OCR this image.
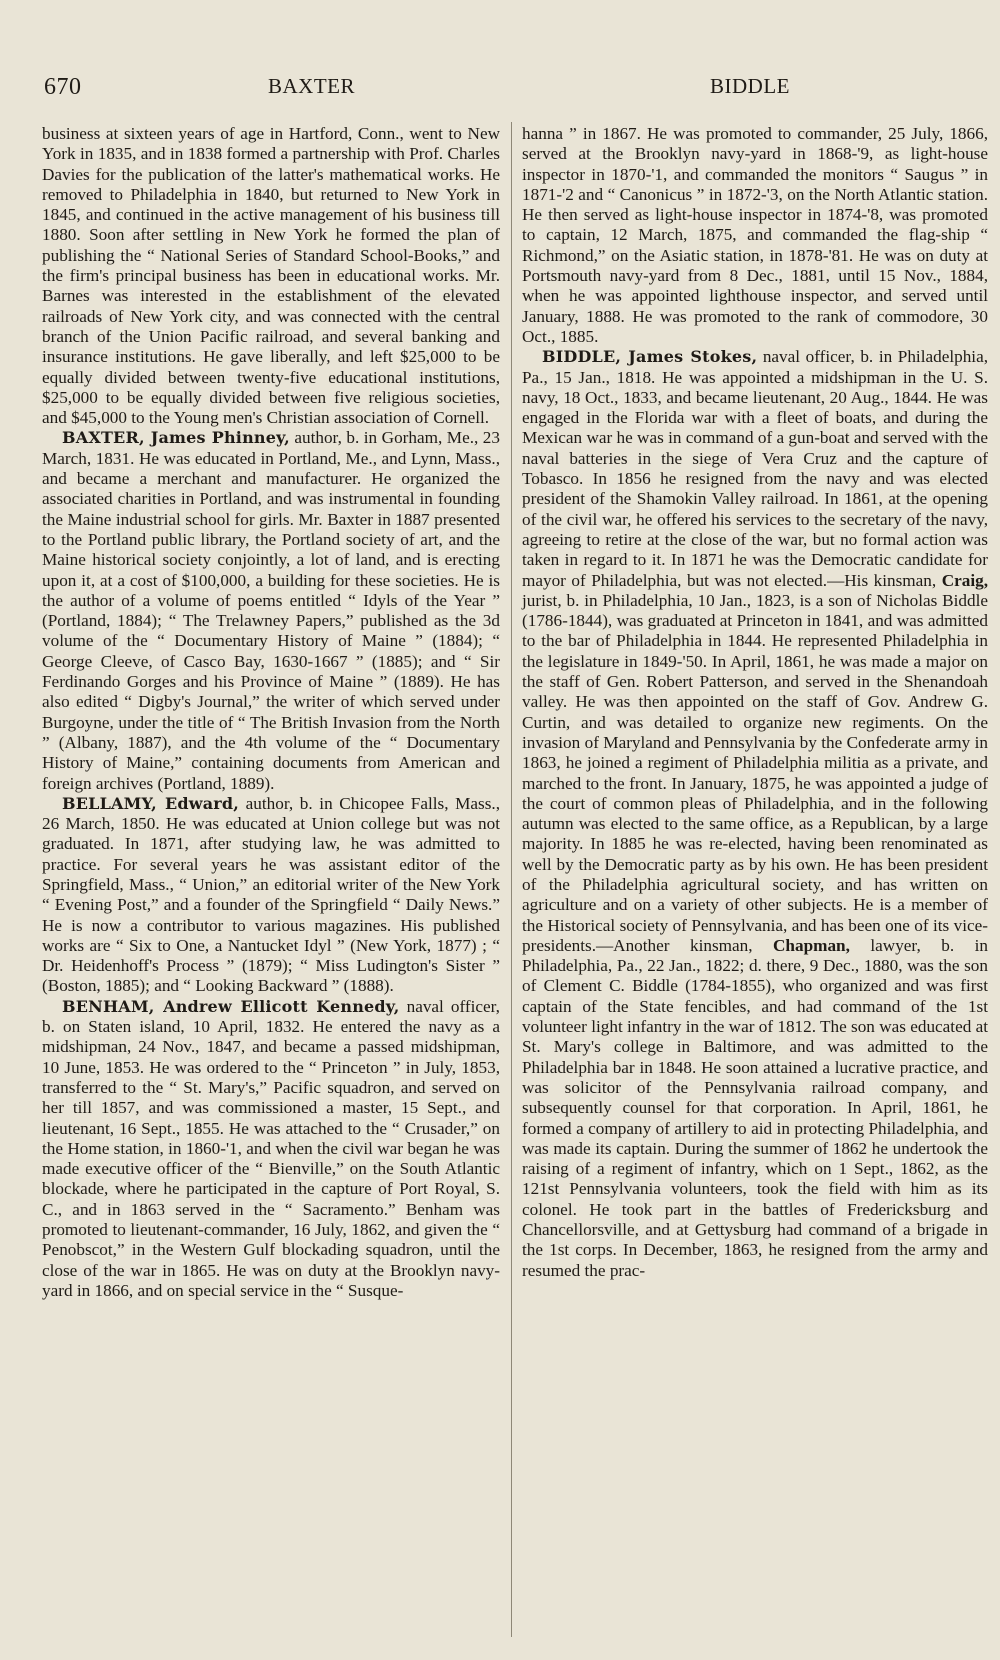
670	BAXTER	BIDDLE

business at sixteen years of age in Hartford, Conn., went to New York in 1835, and in 1838 formed a partnership with Prof. Charles Davies for the publication of the latter's mathematical works. He removed to Philadelphia in 1840, but returned to New York in 1845, and continued in the active management of his business till 1880. Soon after settling in New York he formed the plan of publishing the “ National Series of Standard School-Books,” and the firm's principal business has been in educational works. Mr. Barnes was interested in the establishment of the elevated railroads of New York city, and was connected with the central branch of the Union Pacific railroad, and several banking and insurance institutions. He gave liberally, and left $25,000 to be equally divided between twenty-five educational institutions, $25,000 to be equally divided between five religious societies, and $45,000 to the Young men's Christian association of Cornell.

BAXTER, James Phinney, author, b. in Gorham, Me., 23 March, 1831. He was educated in Portland, Me., and Lynn, Mass., and became a merchant and manufacturer. He organized the associated charities in Portland, and was instrumental in founding the Maine industrial school for girls. Mr. Baxter in 1887 presented to the Portland public library, the Portland society of art, and the Maine historical society conjointly, a lot of land, and is erecting upon it, at a cost of $100,000, a building for these societies. He is the author of a volume of poems entitled “ Idyls of the Year ” (Portland, 1884); “ The Trelawney Papers,” published as the 3d volume of the “ Documentary History of Maine ” (1884); “ George Cleeve, of Casco Bay, 1630-1667 ” (1885); and “ Sir Ferdinando Gorges and his Province of Maine ” (1889). He has also edited “ Digby's Journal,” the writer of which served under Burgoyne, under the title of “ The British Invasion from the North ” (Albany, 1887), and the 4th volume of the “ Documentary History of Maine,” containing documents from American and foreign archives (Portland, 1889).

BELLAMY, Edward, author, b. in Chicopee Falls, Mass., 26 March, 1850. He was educated at Union college but was not graduated. In 1871, after studying law, he was admitted to practice. For several years he was assistant editor of the Springfield, Mass., “ Union,” an editorial writer of the New York “ Evening Post,” and a founder of the Springfield “ Daily News.” He is now a contributor to various magazines. His published works are “ Six to One, a Nantucket Idyl ” (New York, 1877) ; “ Dr. Heidenhoff's Process ” (1879); “ Miss Ludington's Sister ” (Boston, 1885); and “ Looking Backward ” (1888).

BENHAM, Andrew Ellicott Kennedy, naval officer, b. on Staten island, 10 April, 1832. He entered the navy as a midshipman, 24 Nov., 1847, and became a passed midshipman, 10 June, 1853. He was ordered to the “ Princeton ” in July, 1853, transferred to the “ St. Mary's,” Pacific squadron, and served on her till 1857, and was commissioned a master, 15 Sept., and lieutenant, 16 Sept., 1855. He was attached to the “ Crusader,” on the Home station, in 1860-'1, and when the civil war began he was made executive officer of the “ Bienville,” on the South Atlantic blockade, where he participated in the capture of Port Royal, S. C., and in 1863 served in the “ Sacramento.” Benham was promoted to lieutenant-commander, 16 July, 1862, and given the “ Penobscot,” in the Western Gulf blockading squadron, until the close of the war in 1865. He was on duty at the Brooklyn navy-yard in 1866, and on special service in the “ Susque-

hanna ” in 1867. He was promoted to commander, 25 July, 1866, served at the Brooklyn navy-yard in 1868-'9, as light-house inspector in 1870-'1, and commanded the monitors “ Saugus ” in 1871-'2 and “ Canonicus ” in 1872-'3, on the North Atlantic station. He then served as light-house inspector in 1874-'8, was promoted to captain, 12 March, 1875, and commanded the flag-ship “ Richmond,” on the Asiatic station, in 1878-'81. He was on duty at Portsmouth navy-yard from 8 Dec., 1881, until 15 Nov., 1884, when he was appointed lighthouse inspector, and served until January, 1888. He was promoted to the rank of commodore, 30 Oct., 1885.

BIDDLE, James Stokes, naval officer, b. in Philadelphia, Pa., 15 Jan., 1818. He was appointed a midshipman in the U. S. navy, 18 Oct., 1833, and became lieutenant, 20 Aug., 1844. He was engaged in the Florida war with a fleet of boats, and during the Mexican war he was in command of a gun-boat and served with the naval batteries in the siege of Vera Cruz and the capture of Tobasco. In 1856 he resigned from the navy and was elected president of the Shamokin Valley railroad. In 1861, at the opening of the civil war, he offered his services to the secretary of the navy, agreeing to retire at the close of the war, but no formal action was taken in regard to it. In 1871 he was the Democratic candidate for mayor of Philadelphia, but was not elected.—His kinsman, Craig, jurist, b. in Philadelphia, 10 Jan., 1823, is a son of Nicholas Biddle (1786-1844), was graduated at Princeton in 1841, and was admitted to the bar of Philadelphia in 1844. He represented Philadelphia in the legislature in 1849-'50. In April, 1861, he was made a major on the staff of Gen. Robert Patterson, and served in the Shenandoah valley. He was then appointed on the staff of Gov. Andrew G. Curtin, and was detailed to organize new regiments. On the invasion of Maryland and Pennsylvania by the Confederate army in 1863, he joined a regiment of Philadelphia militia as a private, and marched to the front. In January, 1875, he was appointed a judge of the court of common pleas of Philadelphia, and in the following autumn was elected to the same office, as a Republican, by a large majority. In 1885 he was re-elected, having been renominated as well by the Democratic party as by his own. He has been president of the Philadelphia agricultural society, and has written on agriculture and on a variety of other subjects. He is a member of the Historical society of Pennsylvania, and has been one of its vice-presidents.—Another kinsman, Chapman, lawyer, b. in Philadelphia, Pa., 22 Jan., 1822; d. there, 9 Dec., 1880, was the son of Clement C. Biddle (1784-1855), who organized and was first captain of the State fencibles, and had command of the 1st volunteer light infantry in the war of 1812. The son was educated at St. Mary's college in Baltimore, and was admitted to the Philadelphia bar in 1848. He soon attained a lucrative practice, and was solicitor of the Pennsylvania railroad company, and subsequently counsel for that corporation. In April, 1861, he formed a company of artillery to aid in protecting Philadelphia, and was made its captain. During the summer of 1862 he undertook the raising of a regiment of infantry, which on 1 Sept., 1862, as the 121st Pennsylvania volunteers, took the field with him as its colonel. He took part in the battles of Fredericksburg and Chancellorsville, and at Gettysburg had command of a brigade in the 1st corps. In December, 1863, he resigned from the army and resumed the prac-
